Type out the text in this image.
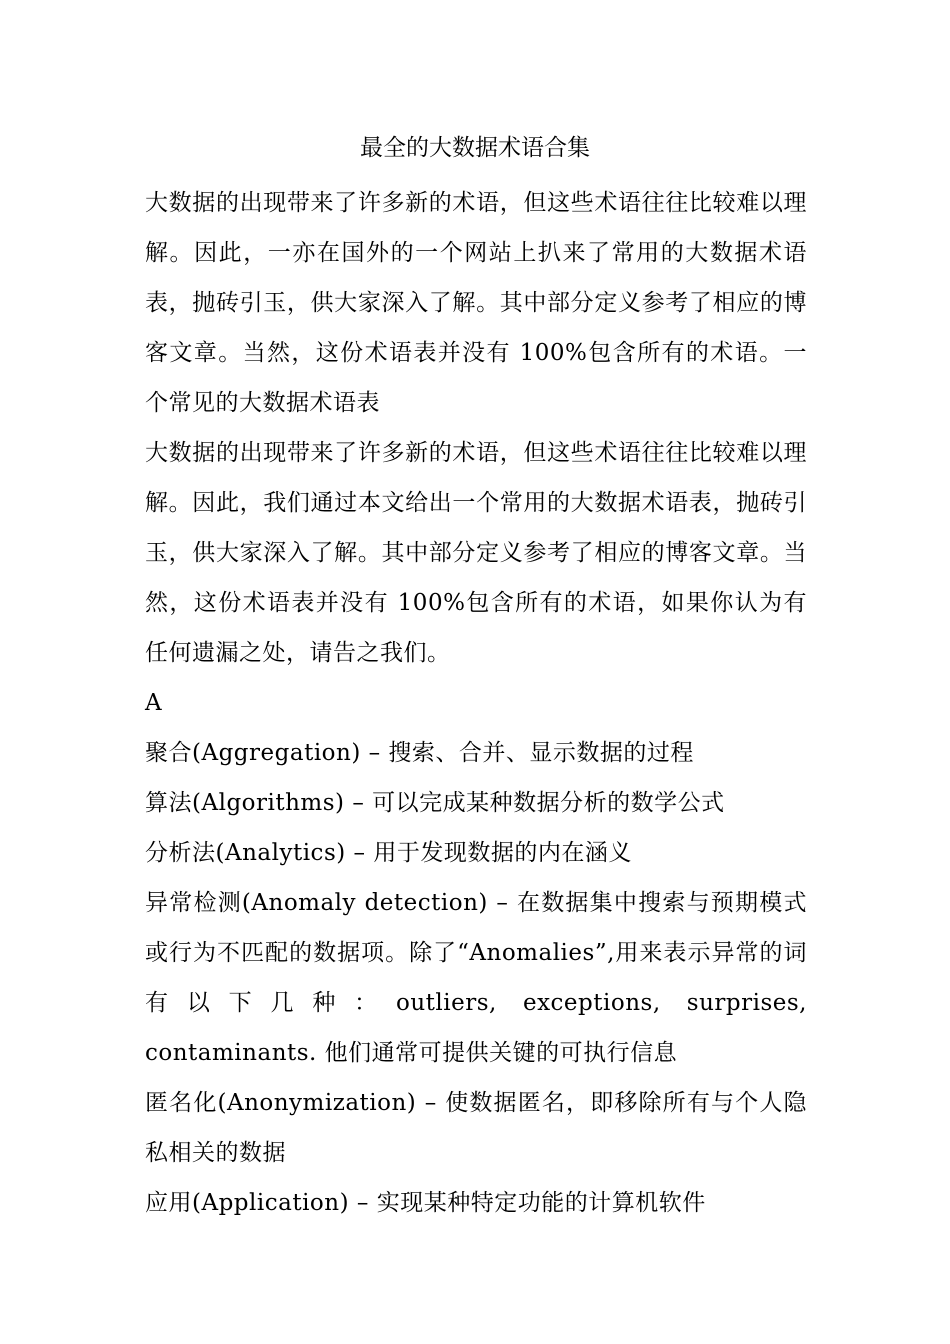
最全的大数据术语合集

大数据的出现带来了许多新的术语，但这些术语往往比较难以理解。因此，一亦在国外的一个网站上扒来了常用的大数据术语表，抛砖引玉，供大家深入了解。其中部分定义参考了相应的博客文章。当然，这份术语表并没有 100%包含所有的术语。一个常见的大数据术语表

大数据的出现带来了许多新的术语，但这些术语往往比较难以理解。因此，我们通过本文给出一个常用的大数据术语表，抛砖引玉，供大家深入了解。其中部分定义参考了相应的博客文章。当然，这份术语表并没有 100%包含所有的术语，如果你认为有任何遗漏之处，请告之我们。

A

聚合(Aggregation) – 搜索、合并、显示数据的过程

算法(Algorithms) – 可以完成某种数据分析的数学公式

分析法(Analytics) – 用于发现数据的内在涵义

异常检测(Anomaly detection) – 在数据集中搜索与预期模式或行为不匹配的数据项。除了“Anomalies”,用来表示异常的词有以下几种：outliers, exceptions, surprises, contaminants. 他们通常可提供关键的可执行信息

匿名化(Anonymization) – 使数据匿名，即移除所有与个人隐私相关的数据

应用(Application) – 实现某种特定功能的计算机软件
